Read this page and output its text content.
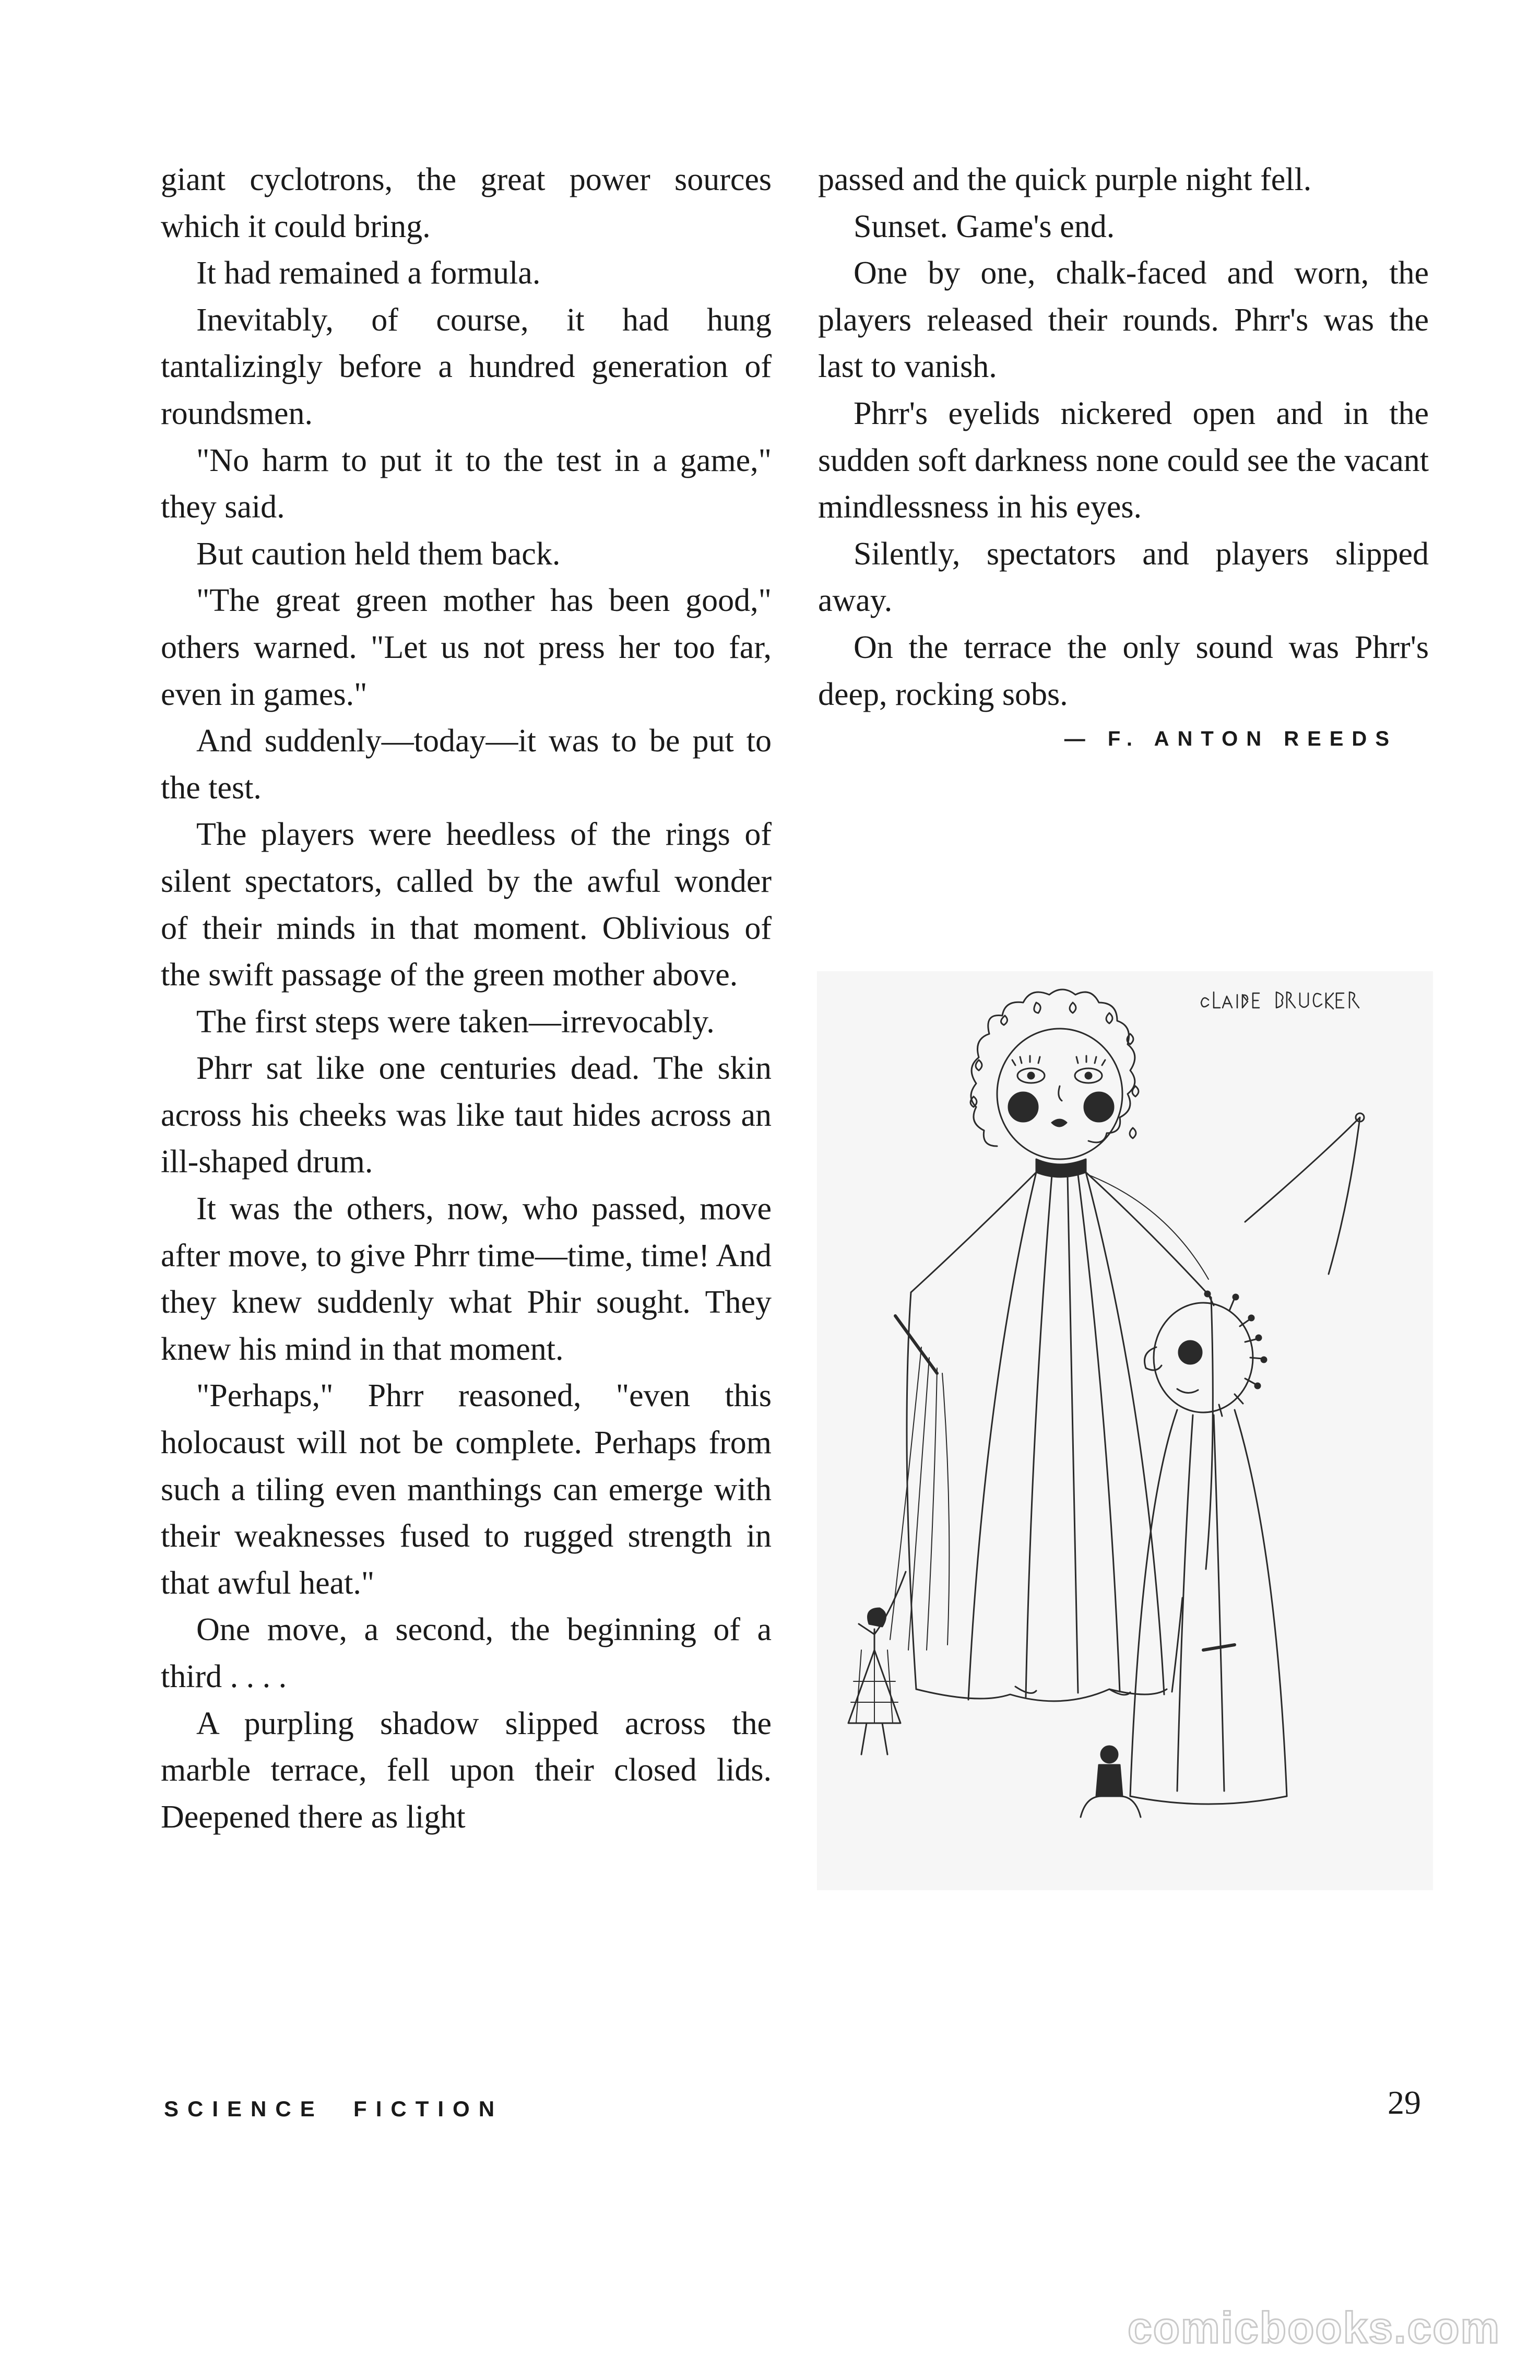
giant cyclotrons, the great power sources which it could bring.

It had remained a formula.

Inevitably, of course, it had hung tantalizingly before a hundred generation of roundsmen.

"No harm to put it to the test in a game," they said.

But caution held them back.

"The great green mother has been good," others warned. "Let us not press her too far, even in games."

And suddenly—today—it was to be put to the test.

The players were heedless of the rings of silent spectators, called by the awful wonder of their minds in that moment. Oblivious of the swift passage of the green mother above.

The first steps were taken—irrevocably.

Phrr sat like one centuries dead. The skin across his cheeks was like taut hides across an ill-shaped drum.

It was the others, now, who passed, move after move, to give Phrr time—time, time! And they knew suddenly what Phir sought. They knew his mind in that moment.

"Perhaps," Phrr reasoned, "even this holocaust will not be complete. Perhaps from such a tiling even manthings can emerge with their weaknesses fused to rugged strength in that awful heat."

One move, a second, the beginning of a third . . . .

A purpling shadow slipped across the marble terrace, fell upon their closed lids. Deepened there as light

passed and the quick purple night fell.

Sunset. Game's end.

One by one, chalk-faced and worn, the players released their rounds. Phrr's was the last to vanish.

Phrr's eyelids nickered open and in the sudden soft darkness none could see the vacant mindlessness in his eyes.

Silently, spectators and players slipped away.

On the terrace the only sound was Phrr's deep, rocking sobs.

— F. ANTON REEDS
SCIENCE  FICTION	29
comicbooks.com
